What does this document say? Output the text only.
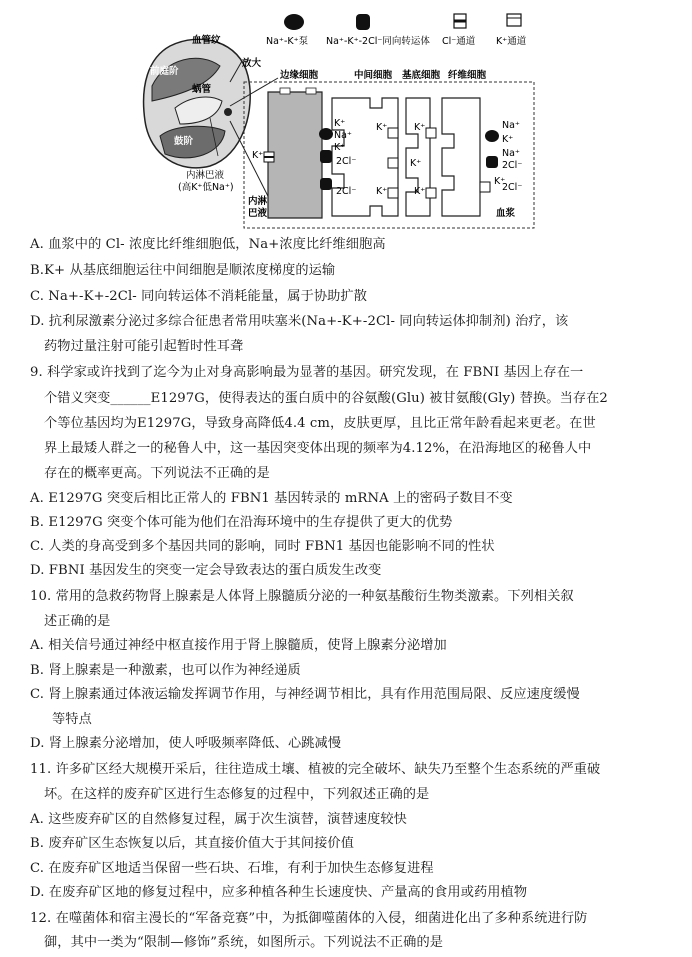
血管纹
前庭阶
蜗管
鼓阶
放大
内淋巴液
(高K⁺低Na⁺)
Na⁺-K⁺泵 Na⁺-K⁺-2Cl⁻同向转运体 Cl⁻通道 K⁺通道
边缘细胞	中间细胞 基底细胞 纤维细胞
K⁺
K⁺
Na⁺
K⁺
2Cl⁻
2Cl⁻
K⁺	K⁺
K⁺
K⁺	K⁺
Na⁺
K⁺
Na⁺
2Cl⁻
K⁺
2Cl⁻
内淋
巴液	血浆
A. 血浆中的 Cl- 浓度比纤维细胞低，Na+浓度比纤维细胞高
B.K+ 从基底细胞运往中间细胞是顺浓度梯度的运输
C. Na+-K+-2Cl- 同向转运体不消耗能量，属于协助扩散
D. 抗利尿激素分泌过多综合征患者常用呋塞米(Na+-K+-2Cl- 同向转运体抑制剂) 治疗，该
药物过量注射可能引起暂时性耳聋
9. 科学家或许找到了迄今为止对身高影响最为显著的基因。研究发现，在 FBNI 基因上存在一
个错义突变______E1297G，使得表达的蛋白质中的谷氨酸(Glu) 被甘氨酸(Gly) 替换。当存在2
个等位基因均为E1297G，导致身高降低4.4 cm，皮肤更厚，且比正常年龄看起来更老。在世
界上最矮人群之一的秘鲁人中，这一基因突变体出现的频率为4.12%，在沿海地区的秘鲁人中
存在的概率更高。下列说法不正确的是
A. E1297G 突变后相比正常人的 FBN1 基因转录的 mRNA 上的密码子数目不变
B. E1297G 突变个体可能为他们在沿海环境中的生存提供了更大的优势
C. 人类的身高受到多个基因共同的影响，同时 FBN1 基因也能影响不同的性状
D. FBNI 基因发生的突变一定会导致表达的蛋白质发生改变
10. 常用的急救药物肾上腺素是人体肾上腺髓质分泌的一种氨基酸衍生物类激素。下列相关叙
述正确的是
A. 相关信号通过神经中枢直接作用于肾上腺髓质，使肾上腺素分泌增加
B. 肾上腺素是一种激素，也可以作为神经递质
C. 肾上腺素通过体液运输发挥调节作用，与神经调节相比，具有作用范围局限、反应速度缓慢
等特点
D. 肾上腺素分泌增加，使人呼吸频率降低、心跳减慢
11. 许多矿区经大规模开采后，往往造成土壤、植被的完全破坏、缺失乃至整个生态系统的严重破
坏。在这样的废弃矿区进行生态修复的过程中，下列叙述正确的是
A. 这些废弃矿区的自然修复过程，属于次生演替，演替速度较快
B. 废弃矿区生态恢复以后，其直接价值大于其间接价值
C. 在废弃矿区地适当保留一些石块、石堆，有利于加快生态修复进程
D. 在废弃矿区地的修复过程中，应多种植各种生长速度快、产量高的食用或药用植物
12. 在噬菌体和宿主漫长的“军备竞赛”中，为抵御噬菌体的入侵，细菌进化出了多种系统进行防
御，其中一类为“限制—修饰”系统，如图所示。下列说法不正确的是
